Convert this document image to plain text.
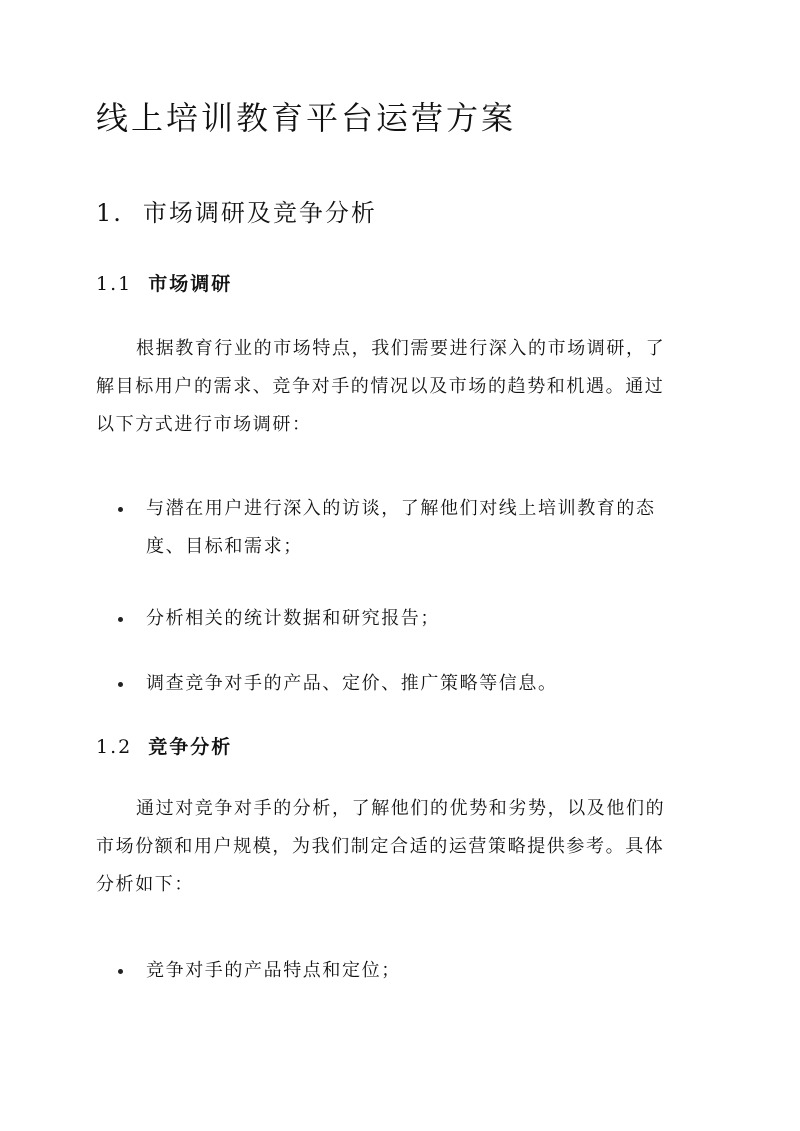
线上培训教育平台运营方案
1. 市场调研及竞争分析
1.1 市场调研

根据教育行业的市场特点，我们需要进行深入的市场调研，了
解目标用户的需求、竞争对手的情况以及市场的趋势和机遇。通过
以下方式进行市场调研：

与潜在用户进行深入的访谈，了解他们对线上培训教育的态
度、目标和需求；
分析相关的统计数据和研究报告；
调查竞争对手的产品、定价、推广策略等信息。
1.2 竞争分析

通过对竞争对手的分析，了解他们的优势和劣势，以及他们的
市场份额和用户规模，为我们制定合适的运营策略提供参考。具体
分析如下：

竞争对手的产品特点和定位；
